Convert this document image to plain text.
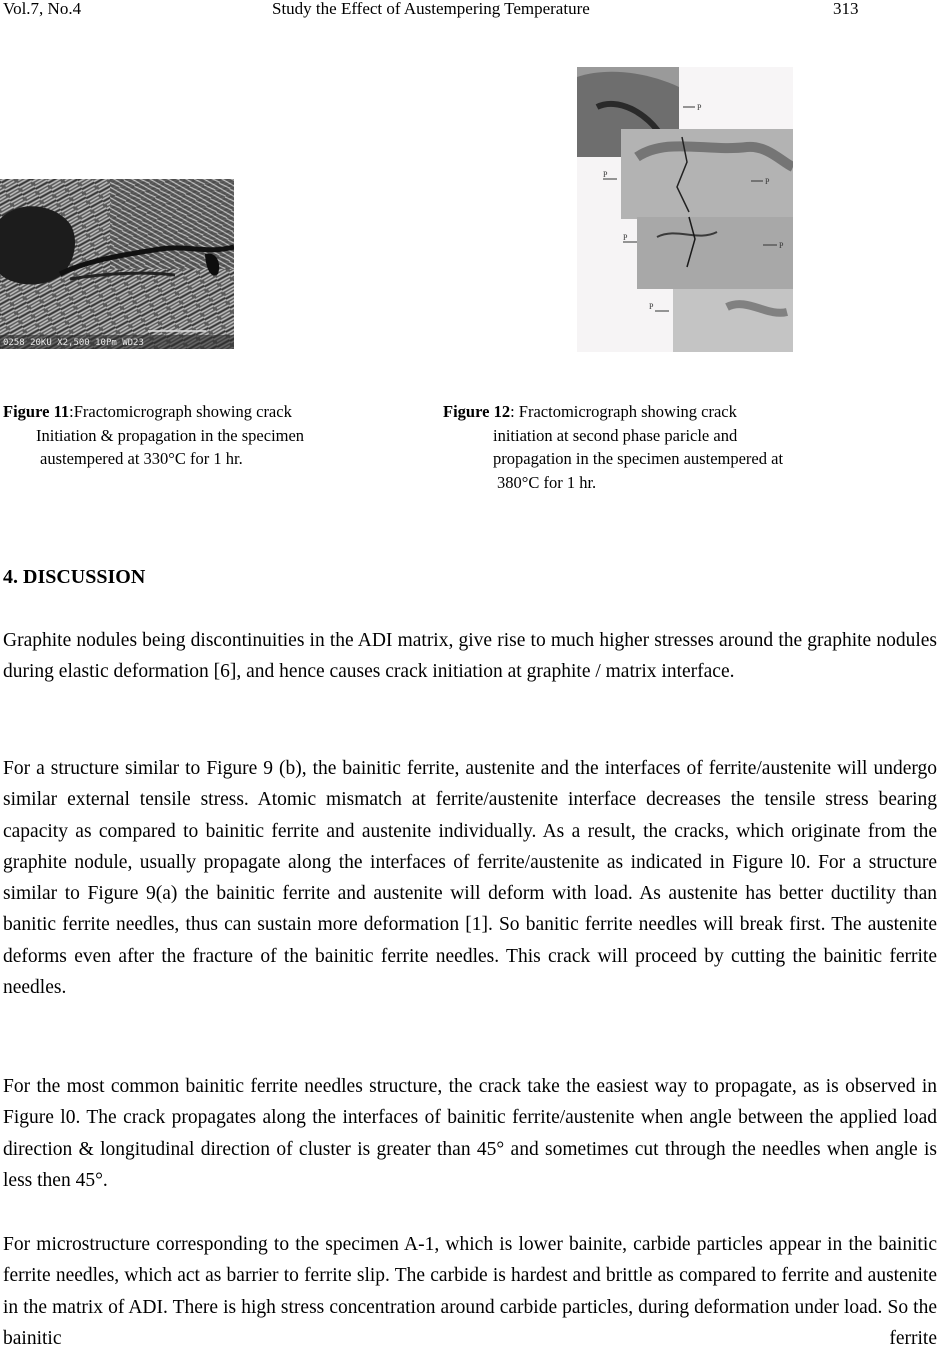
Vol.7, No.4	Study the Effect of Austempering Temperature	313
0258 20KU X2,500 10Pm WD23
P
P
P
P
P
P
Figure 11:Fractomicrograph showing crack
Initiation & propagation in the specimen
austempered at 330°C for 1 hr.
Figure 12: Fractomicrograph showing crack
initiation at second phase paricle and
propagation in the specimen austempered at
380°C for 1 hr.
4. DISCUSSION

Graphite nodules being discontinuities in the ADI matrix, give rise to much higher stresses around the graphite nodules during elastic deformation [6], and hence causes crack initiation at graphite / matrix interface.

For a structure similar to Figure 9 (b), the bainitic ferrite, austenite and the interfaces of ferrite/austenite will undergo similar external tensile stress. Atomic mismatch at ferrite/austenite interface decreases the tensile stress bearing capacity as compared to bainitic ferrite and austenite individually. As a result, the cracks, which originate from the graphite nodule, usually propagate along the interfaces of ferrite/austenite as indicated in Figure l0. For a structure similar to Figure 9(a) the bainitic ferrite and austenite will deform with load. As austenite has better ductility than banitic ferrite needles, thus can sustain more deformation [1]. So banitic ferrite needles will break first. The austenite deforms even after the fracture of the bainitic ferrite needles. This crack will proceed by cutting the bainitic ferrite needles.

For the most common bainitic ferrite needles structure, the crack take the easiest way to propagate, as is observed in Figure l0. The crack propagates along the interfaces of bainitic ferrite/austenite when angle between the applied load direction & longitudinal direction of cluster is greater than 45° and sometimes cut through the needles when angle is less then 45°.

For microstructure corresponding to the specimen A-1, which is lower bainite, carbide particles appear in the bainitic ferrite needles, which act as barrier to ferrite slip. The carbide is hardest and brittle as compared to ferrite and austenite in the matrix of ADI. There is high stress concentration around carbide particles, during deformation under load. So the bainitic ferrite
